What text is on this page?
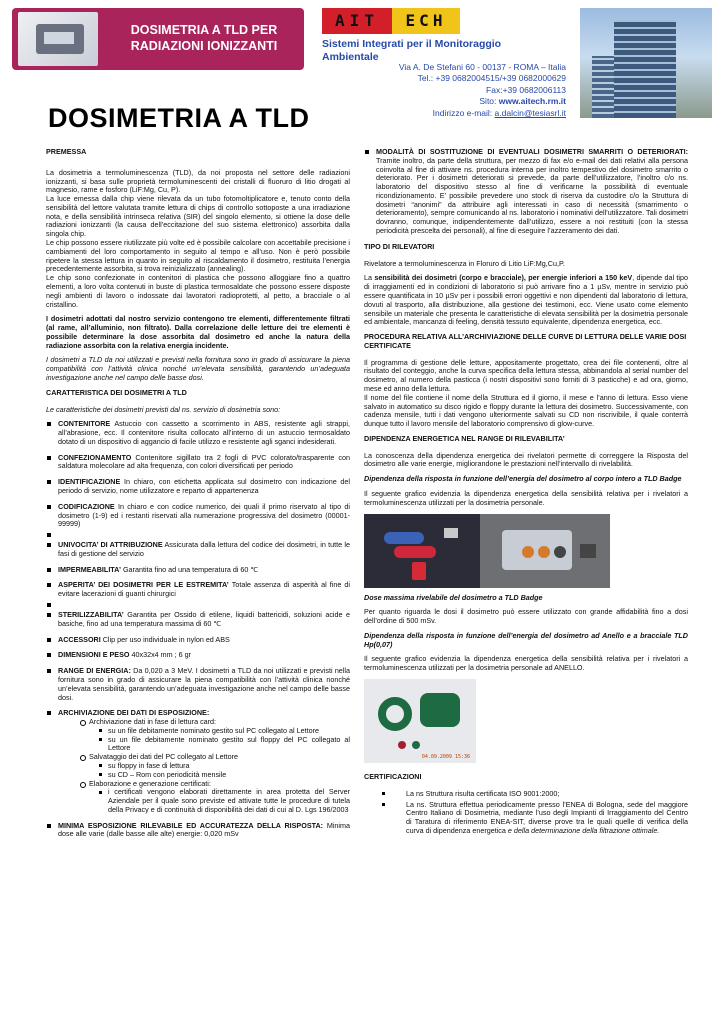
DOSIMETRIA A TLD PER RADIAZIONI IONIZZANTI
AIT	ECH
Sistemi Integrati per il Monitoraggio Ambientale
Via A. De Stefani 60 - 00137 - ROMA – Italia
Tel.: +39 0682004515/+39 0682000629
Fax:+39 0682006113
Sito: www.aitech.rm.it
Indirizzo e-mail: a.dalcin@tesiasrl.it
DOSIMETRIA A TLD
PREMESSA

La dosimetria a termoluminescenza (TLD), da noi proposta nel settore delle radiazioni ionizzanti, si basa sulle proprietà termoluminescenti dei cristalli di fluoruro di litio drogati al magnesio, rame e fosforo (LiF:Mg, Cu, P).

La luce emessa dalla chip viene rilevata da un tubo fotomoltiplicatore e, tenuto conto della sensibilità del lettore valutata tramite lettura di chips di controllo sottoposte a una irradiazione nota, e della sensibilità intrinseca relativa (SIR) del singolo elemento, si ottiene la dose delle radiazioni ionizzanti (la causa dell’eccitazione del suo sistema elettronico) assorbita dalla singola chip.

Le chip possono essere riutilizzate più volte ed è possibile calcolare con accettabile precisione i cambiamenti del loro comportamento in seguito al tempo e all’uso. Non è però possibile ripetere la stessa lettura in quanto in seguito al riscaldamento il dosimetro, restituita l’energia precedentemente assorbita, si trova reinizializzato (annealing).

Le chip sono confezionate in contenitori di plastica che possono alloggiare fino a quattro elementi, a loro volta contenuti in buste di plastica termosaldate che possono essere disposte negli ambienti di lavoro o indossate dai lavoratori radioprotetti, al petto, a bracciale o al cristallino.

I dosimetri adottati dal nostro servizio contengono tre elementi, differentemente filtrati (al rame, all’alluminio, non filtrato). Dalla correlazione delle letture dei tre elementi è possibile determinare la dose assorbita dal dosimetro ed anche la natura della radiazione assorbita con la relativa energia incidente.

I dosimetri a TLD da noi utilizzati e previsti nella fornitura sono in grado di assicurare la piena compatibilità con l’attività clinica nonché un’elevata sensibilità, garantendo un’adeguata investigazione anche nel campo delle basse dosi.

CARATTERISTICA DEI DOSIMETRI A TLD

Le caratteristiche dei dosimetri previsti dal ns. servizio di dosimetria sono:

CONTENITORE Astuccio con cassetto a scorrimento in ABS, resistente agli strappi, all’abrasione, ecc. Il contenitore risulta collocato all’interno di un astuccio termosaldato dotato di un dispositivo di aggancio di facile utilizzo e resistente agli sganci indesiderati.
CONFEZIONAMENTO Contenitore sigillato tra 2 fogli di PVC colorato/trasparente con saldatura molecolare ad alta frequenza, con colori diversificati per periodo
IDENTIFICAZIONE In chiaro, con etichetta applicata sul dosimetro con indicazione del periodo di servizio, nome utilizzatore e reparto di appartenenza
CODIFICAZIONE In chiaro e con codice numerico, dei quali il primo riservato al tipo di dosimetro (1-9) ed i restanti riservati alla numerazione progressiva del dosimetro (00001-99999)
UNIVOCITA’ DI ATTRIBUZIONE Assicurata dalla lettura del codice dei dosimetri, in tutte le fasi di gestione del servizio
IMPERMEABILITA’ Garantita fino ad una temperatura di 60 ℃
ASPERITA’ DEI DOSIMETRI PER LE ESTREMITA’ Totale assenza di asperità al fine di evitare lacerazioni di guanti chirurgici
STERILIZZABILITA’ Garantita per Ossido di etilene, liquidi battericidi, soluzioni acide e basiche, fino ad una temperatura massima di 60 ℃
ACCESSORI Clip per uso individuale in nylon ed ABS
DIMENSIONI E PESO 40x32x4 mm ; 6 gr
RANGE DI ENERGIA: Da 0,020 a 3 MeV. I dosimetri a TLD da noi utilizzati e previsti nella fornitura sono in grado di assicurare la piena compatibilità con l’attività clinica nonché un’elevata sensibilità, garantendo un’adeguata investigazione anche nel campo delle basse dosi.
ARCHIVIAZIONE DEI DATI DI ESPOSIZIONE:
Archiviazione dati in fase di lettura card:
su un file debitamente nominato gestito sul PC collegato al Lettore
su un file debitamente nominato gestito sul floppy del PC collegato al Lettore
Salvataggio dei dati del PC collegato al Lettore
su floppy in fase di lettura
su CD – Rom con periodicità mensile
Elaborazione e generazione certificati:
i certificati vengono elaborati direttamente in area protetta del Server Aziendale per il quale sono previste ed attivate tutte le procedure di tutela della Privacy e di continuità di disponibilità dei dati di cui al D. Lgs 196/2003
MINIMA ESPOSIZIONE RILEVABILE ED ACCURATEZZA DELLA RISPOSTA: Minima dose alle varie (dalle basse alle alte) energie: 0,020 mSv
MODALITÀ DI SOSTITUZIONE DI EVENTUALI DOSIMETRI SMARRITI O DETERIORATI: Tramite inoltro, da parte della struttura, per mezzo di fax e/o e-mail dei dati relativi alla persona coinvolta al fine di attivare ns. procedura interna per inoltro tempestivo del dosimetro smarrito o deteriorato. Per i dosimetri deteriorati si prevede, da parte dell’utilizzatore, l’inoltro c/o ns. laboratorio del dispositivo stesso al fine di verificarne la possibilità di eventuale ricondizionamento. E’ possibile prevedere uno stock di riserva da custodire c/o la Struttura di dosimetri “anonimi” da attribuire agli interessati in caso di necessità (smarrimento o deterioramento), sempre comunicando al ns. laboratorio i nominativi dell’utilizzatore. Tali dosimetri dovranno, comunque, indipendentemente dall’utilizzo, essere a noi restituiti (con la stessa periodicità prescelta dei personali), al fine di eseguire l’azzeramento dei dati.
TIPO DI RILEVATORI

Rivelatore a termoluminescenza in Floruro di Litio LiF:Mg,Cu,P.

La sensibilità dei dosimetri (corpo e bracciale), per energie inferiori a 150 keV, dipende dal tipo di irraggiamenti ed in condizioni di laboratorio si può arrivare fino a 1 µSv, mentre in servizio può essere quantificata in 10 µSv per i possibili errori oggettivi e non dipendenti dal laboratorio di lettura, dovuti al trasporto, alla distribuzione, alla gestione dei testimoni, ecc. Viene usato come elemento sensibile un materiale che presenta le caratteristiche di elevata sensibilità per la dosimetria personale ed ambientale, mancanza di feeling, densità tessuto equivalente, dipendenza energetica, ecc.

PROCEDURA RELATIVA ALL’ARCHIVIAZIONE DELLE CURVE DI LETTURA DELLE VARIE DOSI CERTIFICATE

Il programma di gestione delle letture, appositamente progettato, crea dei file contenenti, oltre al risultato del conteggio, anche la curva specifica della lettura stessa, abbinandola al serial number del dosimetro, al numero della pasticca (i nostri dispositivi sono forniti di 3 pasticche) e ad ora, giorno, mese ed anno della lettura.

Il nome del file contiene il nome della Struttura ed il giorno, il mese e l’anno di lettura. Esso viene salvato in automatico su disco rigido e floppy durante la lettura dei dosimetro. Successivamente, con cadenza mensile, tutti i dati vengono ulteriormente salvati su CD non riscrivibile, il quale conterrà dunque tutto il lavoro mensile del laboratorio comprensivo di glow-curve.

DIPENDENZA ENERGETICA NEL RANGE DI RILEVABILITA’

La conoscenza della dipendenza energetica dei rivelatori permette di correggere la Risposta del dosimetro alle varie energie, migliorandone le prestazioni nell’intervallo di rivelabilità.

Dipendenza della risposta in funzione dell’energia del dosimetro al corpo intero a TLD Badge

Il seguente grafico evidenzia la dipendenza energetica della sensibilità relativa per i rivelatori a termoluminescenza utilizzati per la dosimetria personale.

Dose massima rivelabile del dosimetro a TLD Badge

Per quanto riguarda le dosi il dosimetro può essere utilizzato con grande affidabilità fino a dosi dell’ordine di 500 mSv.

Dipendenza della risposta in funzione dell’energia del dosimetro ad Anello e a bracciale TLD Hp(0,07)

Il seguente grafico evidenzia la dipendenza energetica della sensibilità relativa per i rivelatori a termoluminescenza utilizzati per la dosimetria personale ad ANELLO.

04.09.2009 15:36
CERTIFICAZIONI
La ns Struttura risulta certificata ISO 9001:2000;
La ns. Struttura effettua periodicamente presso l’ENEA di Bologna, sede del maggiore Centro Italiano di Dosimetria, mediante l’uso degli Impianti di Irraggiamento del Centro di Taratura di riferimento ENEA-SIT, diverse prove tra le quali quelle di verifica della curva di dipendenza energetica e della determinazione della filtrazione ottimale.
